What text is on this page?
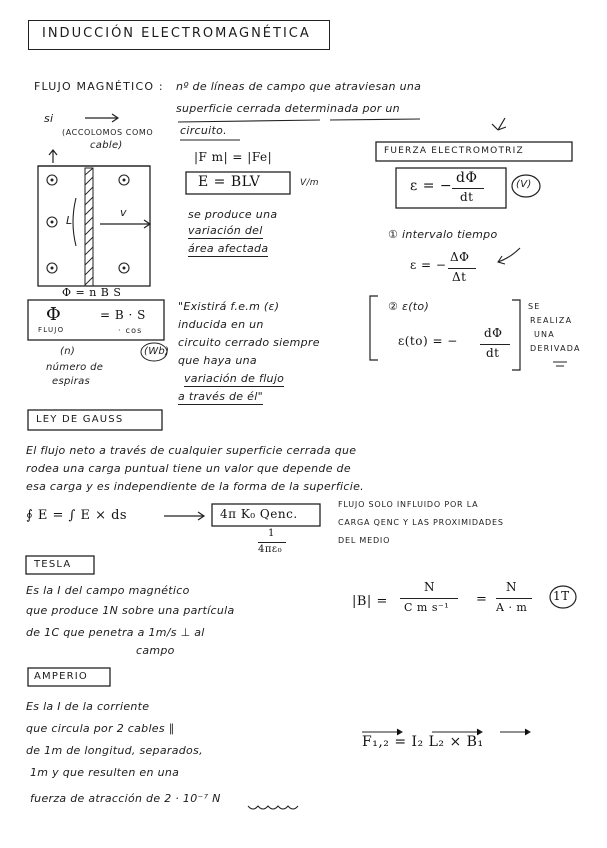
INDUCCIÓN ELECTROMAGNÉTICA
FLUJO MAGNÉTICO : nº de líneas de campo que atraviesan una
superficie cerrada determinada por un
circuito.
si
(ACCOLOMOS COMO
cable)
L
v
|F m| = |Fe|
E = BLV	V/m
se produce una
variación del
área afectada
Φ = n B S
Φ
FLUJO
= B · S
· cos
(n)	(Wb)
número de
espiras
"Existirá f.e.m (ε)
inducida en un
circuito cerrado siempre
que haya una
variación de flujo
a través de él"
FUERZA ELECTROMOTRIZ
ε = − dΦ
dt
(V)
① intervalo tiempo
ε = −
ΔΦ
Δt
② ε(to)
ε(to) = −
dΦ
dt
SE
REALIZA
UNA
DERIVADA
LEY DE GAUSS
El flujo neto a través de cualquier superficie cerrada que
rodea una carga puntual tiene un valor que depende de
esa carga y es independiente de la forma de la superficie.
∮ E = ∫ E × ds	4π K₀ Qenc.
1
4πε₀
FLUJO SOLO INFLUIDO POR LA
CARGA QENC Y LAS PROXIMIDADES
DEL MEDIO
TESLA
Es la I del campo magnético
que produce 1N sobre una partícula
de 1C que penetra a 1m/s ⊥ al
campo
|B| =
N
C m s⁻¹
=
N
A · m
1T
AMPERIO
Es la I de la corriente
que circula por 2 cables ∥
de 1m de longitud, separados,
1m y que resulten en una
fuerza de atracción de 2 · 10⁻⁷ N
F₁,₂ = I₂ L₂ × B₁
